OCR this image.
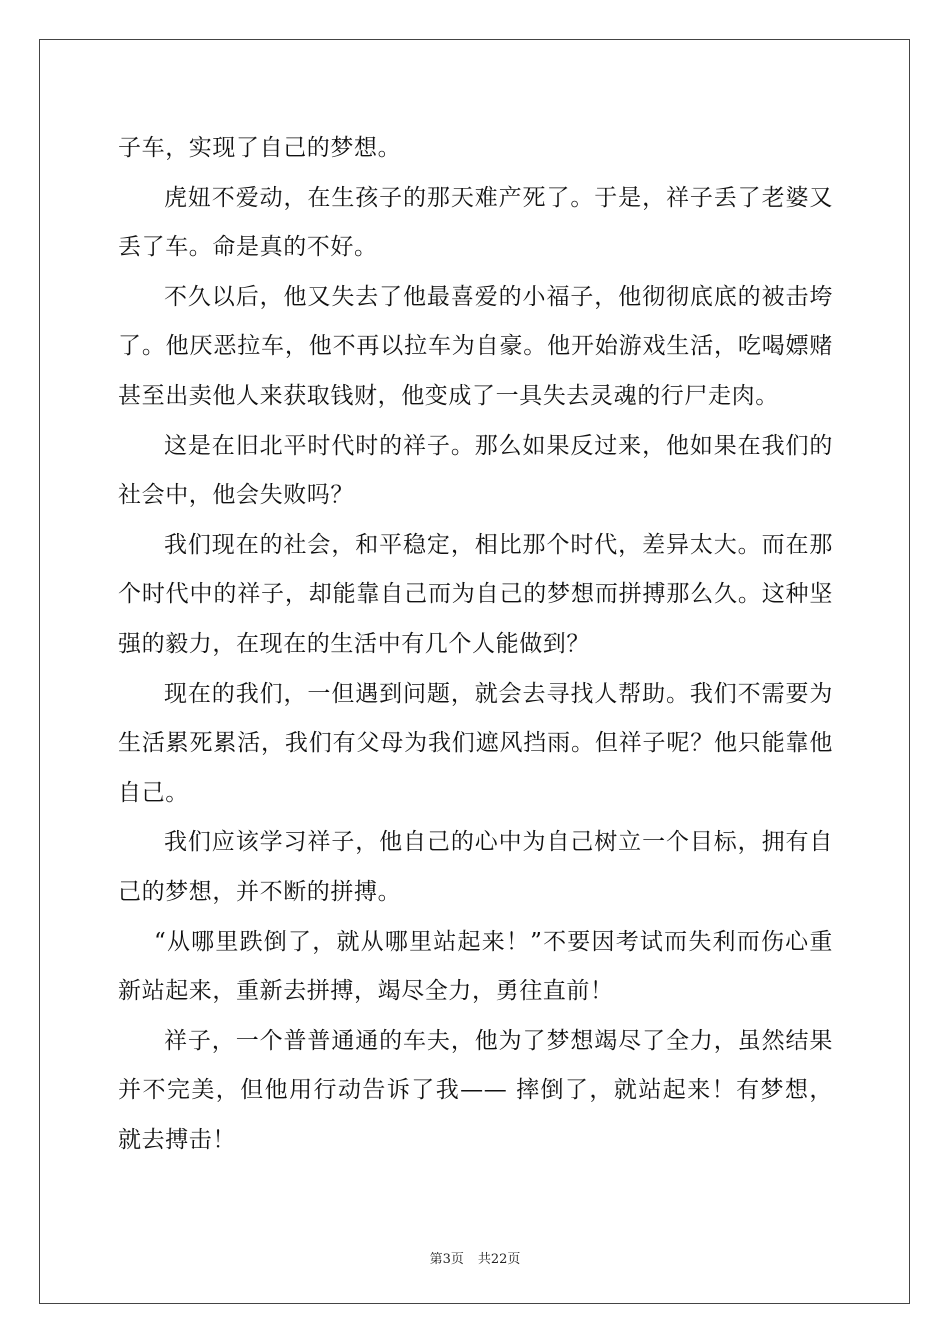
子车，实现了自己的梦想。

虎妞不爱动，在生孩子的那天难产死了。于是，祥子丢了老婆又丢了车。命是真的不好。

不久以后，他又失去了他最喜爱的小福子，他彻彻底底的被击垮了。他厌恶拉车，他不再以拉车为自豪。他开始游戏生活，吃喝嫖赌甚至出卖他人来获取钱财，他变成了一具失去灵魂的行尸走肉。

这是在旧北平时代时的祥子。那么如果反过来，他如果在我们的社会中，他会失败吗？

我们现在的社会，和平稳定，相比那个时代，差异太大。而在那个时代中的祥子，却能靠自己而为自己的梦想而拼搏那么久。这种坚强的毅力，在现在的生活中有几个人能做到？

现在的我们，一但遇到问题，就会去寻找人帮助。我们不需要为生活累死累活，我们有父母为我们遮风挡雨。但祥子呢？他只能靠他自己。

我们应该学习祥子，他自己的心中为自己树立一个目标，拥有自己的梦想，并不断的拼搏。

“从哪里跌倒了，就从哪里站起来！”不要因考试而失利而伤心重新站起来，重新去拼搏，竭尽全力，勇往直前！

祥子，一个普普通通的车夫，他为了梦想竭尽了全力，虽然结果并不完美，但他用行动告诉了我—— 摔倒了，就站起来！有梦想，就去搏击！

第3页 共22页
